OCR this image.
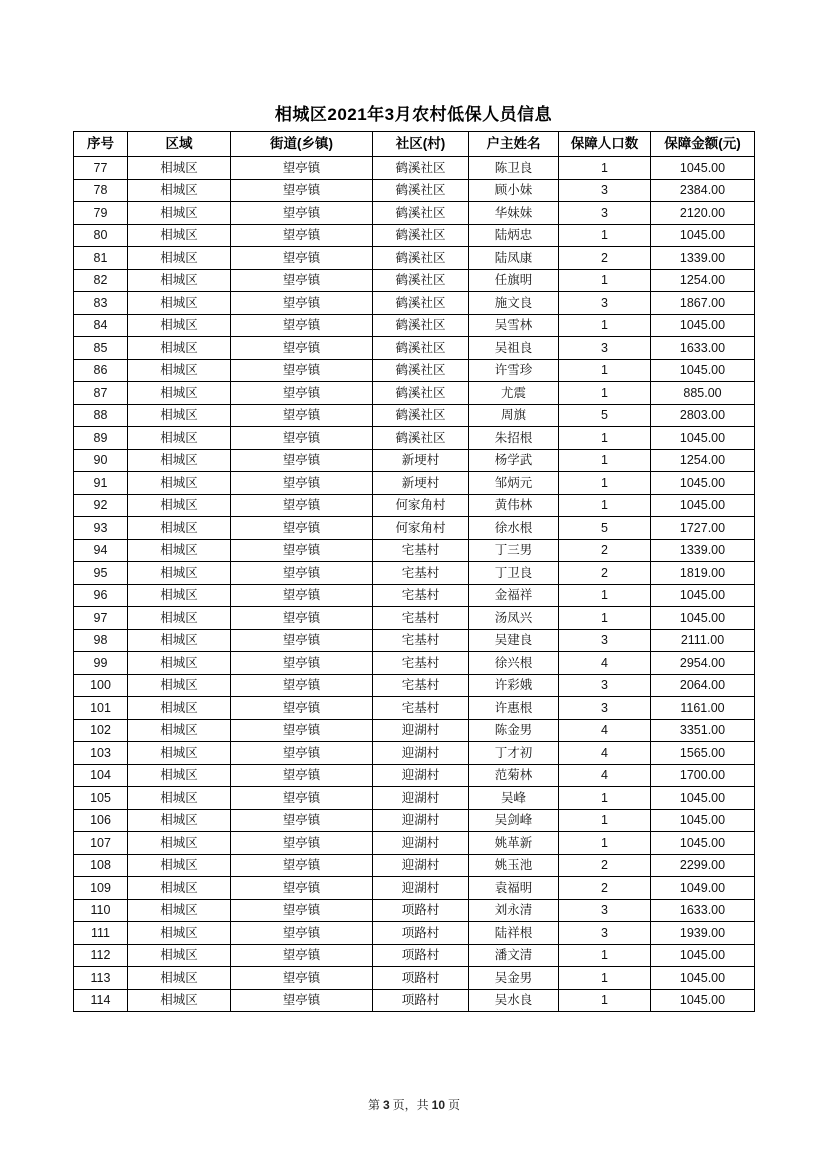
相城区2021年3月农村低保人员信息
序号	区域	街道(乡镇)	社区(村)	户主姓名	保障人口数	保障金额(元)
77	相城区	望亭镇	鹤溪社区	陈卫良	1	1045.00
78	相城区	望亭镇	鹤溪社区	顾小妹	3	2384.00
79	相城区	望亭镇	鹤溪社区	华妹妹	3	2120.00
80	相城区	望亭镇	鹤溪社区	陆炳忠	1	1045.00
81	相城区	望亭镇	鹤溪社区	陆凤康	2	1339.00
82	相城区	望亭镇	鹤溪社区	任旗明	1	1254.00
83	相城区	望亭镇	鹤溪社区	施文良	3	1867.00
84	相城区	望亭镇	鹤溪社区	吴雪林	1	1045.00
85	相城区	望亭镇	鹤溪社区	吴祖良	3	1633.00
86	相城区	望亭镇	鹤溪社区	许雪珍	1	1045.00
87	相城区	望亭镇	鹤溪社区	尤震	1	885.00
88	相城区	望亭镇	鹤溪社区	周旗	5	2803.00
89	相城区	望亭镇	鹤溪社区	朱招根	1	1045.00
90	相城区	望亭镇	新埂村	杨学武	1	1254.00
91	相城区	望亭镇	新埂村	邹炳元	1	1045.00
92	相城区	望亭镇	何家角村	黄伟林	1	1045.00
93	相城区	望亭镇	何家角村	徐水根	5	1727.00
94	相城区	望亭镇	宅基村	丁三男	2	1339.00
95	相城区	望亭镇	宅基村	丁卫良	2	1819.00
96	相城区	望亭镇	宅基村	金福祥	1	1045.00
97	相城区	望亭镇	宅基村	汤凤兴	1	1045.00
98	相城区	望亭镇	宅基村	吴建良	3	2111.00
99	相城区	望亭镇	宅基村	徐兴根	4	2954.00
100	相城区	望亭镇	宅基村	许彩娥	3	2064.00
101	相城区	望亭镇	宅基村	许惠根	3	1161.00
102	相城区	望亭镇	迎湖村	陈金男	4	3351.00
103	相城区	望亭镇	迎湖村	丁才初	4	1565.00
104	相城区	望亭镇	迎湖村	范菊林	4	1700.00
105	相城区	望亭镇	迎湖村	吴峰	1	1045.00
106	相城区	望亭镇	迎湖村	吴剑峰	1	1045.00
107	相城区	望亭镇	迎湖村	姚革新	1	1045.00
108	相城区	望亭镇	迎湖村	姚玉池	2	2299.00
109	相城区	望亭镇	迎湖村	袁福明	2	1049.00
110	相城区	望亭镇	项路村	刘永清	3	1633.00
111	相城区	望亭镇	项路村	陆祥根	3	1939.00
112	相城区	望亭镇	项路村	潘文清	1	1045.00
113	相城区	望亭镇	项路村	吴金男	1	1045.00
114	相城区	望亭镇	项路村	吴水良	1	1045.00
第 3 页，共 10 页
